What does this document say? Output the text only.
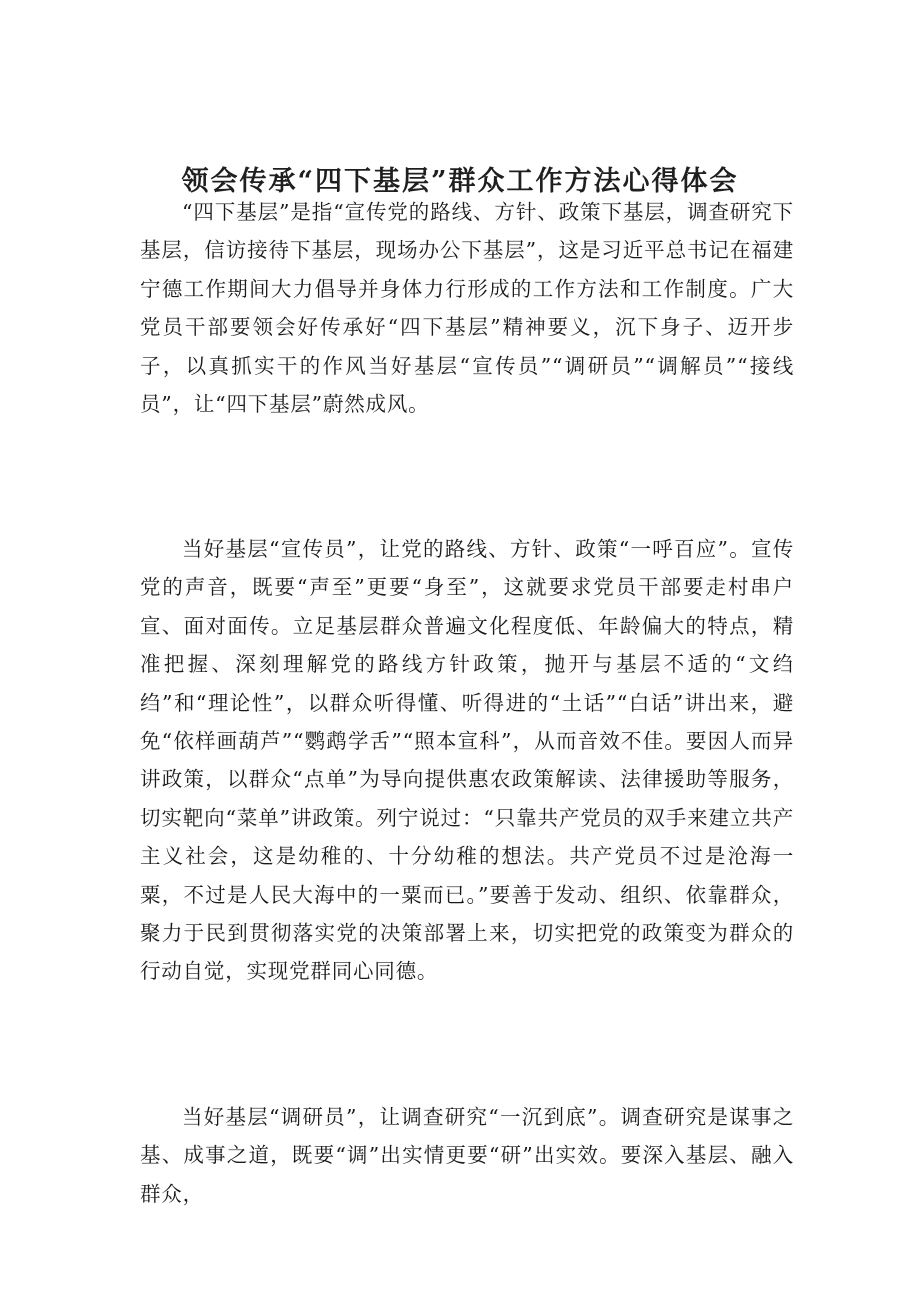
领会传承“四下基层”群众工作方法心得体会

“四下基层”是指“宣传党的路线、方针、政策下基层，调查研究下基层，信访接待下基层，现场办公下基层”，这是习近平总书记在福建宁德工作期间大力倡导并身体力行形成的工作方法和工作制度。广大党员干部要领会好传承好“四下基层”精神要义，沉下身子、迈开步子，以真抓实干的作风当好基层“宣传员”“调研员”“调解员”“接线员”，让“四下基层”蔚然成风。

当好基层“宣传员”，让党的路线、方针、政策“一呼百应”。宣传党的声音，既要“声至”更要“身至”，这就要求党员干部要走村串户宣、面对面传。立足基层群众普遍文化程度低、年龄偏大的特点，精准把握、深刻理解党的路线方针政策，抛开与基层不适的“文绉绉”和“理论性”，以群众听得懂、听得进的“土话”“白话”讲出来，避免“依样画葫芦”“鹦鹉学舌”“照本宣科”，从而音效不佳。要因人而异讲政策，以群众“点单”为导向提供惠农政策解读、法律援助等服务，切实靶向“菜单”讲政策。列宁说过：“只靠共产党员的双手来建立共产主义社会，这是幼稚的、十分幼稚的想法。共产党员不过是沧海一粟，不过是人民大海中的一粟而已。”要善于发动、组织、依靠群众，聚力于民到贯彻落实党的决策部署上来，切实把党的政策变为群众的行动自觉，实现党群同心同德。

当好基层“调研员”，让调查研究“一沉到底”。调查研究是谋事之基、成事之道，既要“调”出实情更要“研”出实效。要深入基层、融入群众，
